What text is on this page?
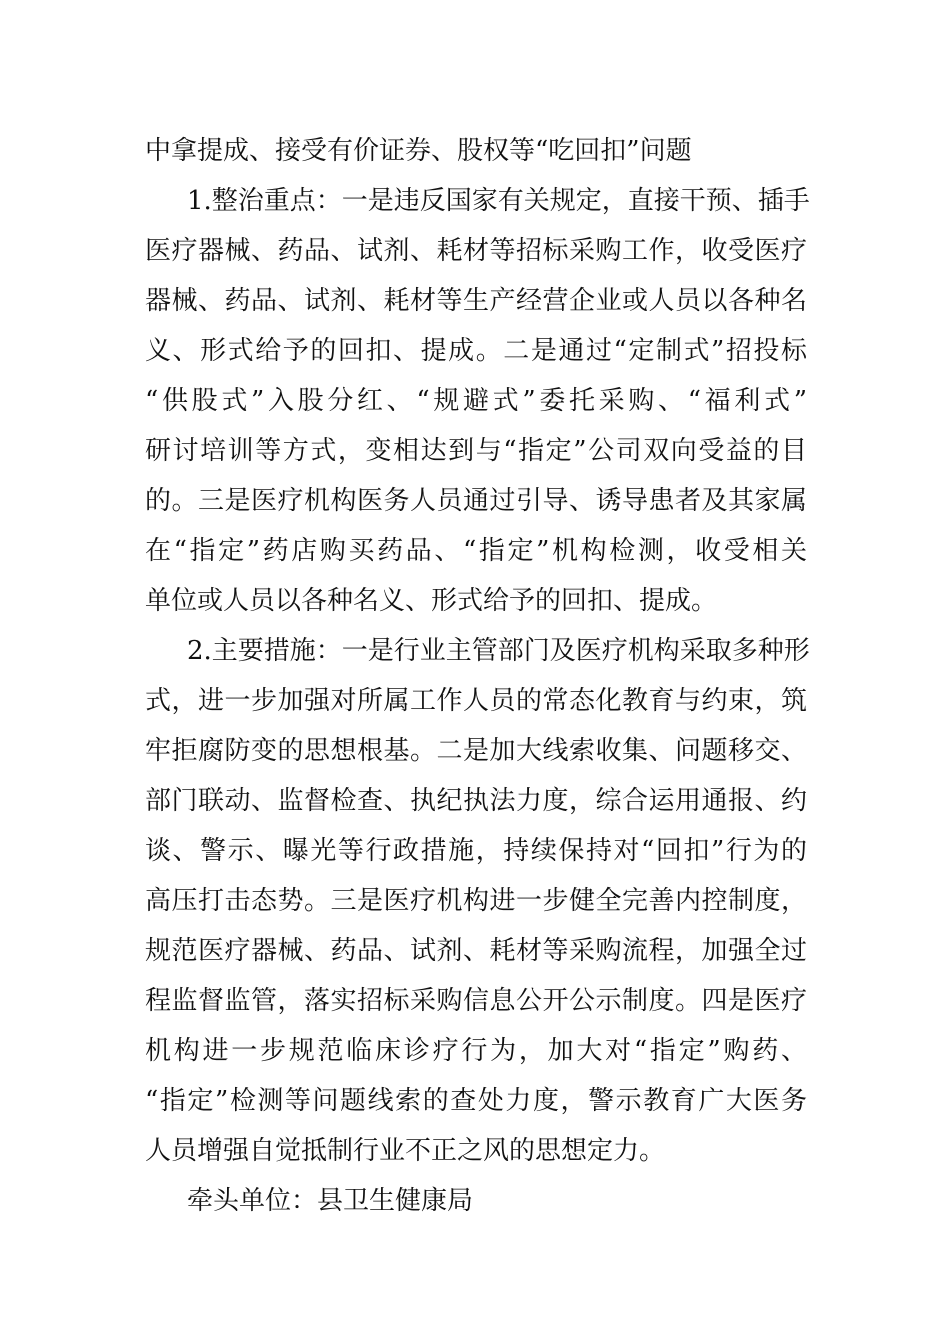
中拿提成、接受有价证券、股权等“吃回扣”问题
1.整治重点：一是违反国家有关规定，直接干预、插手
医疗器械、药品、试剂、耗材等招标采购工作，收受医疗
器械、药品、试剂、耗材等生产经营企业或人员以各种名
义、形式给予的回扣、提成。二是通过“定制式”招投标
“供股式”入股分红、“规避式”委托采购、“福利式”
研讨培训等方式，变相达到与“指定”公司双向受益的目
的。三是医疗机构医务人员通过引导、诱导患者及其家属
在“指定”药店购买药品、“指定”机构检测，收受相关
单位或人员以各种名义、形式给予的回扣、提成。
2.主要措施：一是行业主管部门及医疗机构采取多种形
式，进一步加强对所属工作人员的常态化教育与约束，筑
牢拒腐防变的思想根基。二是加大线索收集、问题移交、
部门联动、监督检查、执纪执法力度，综合运用通报、约
谈、警示、曝光等行政措施，持续保持对“回扣”行为的
高压打击态势。三是医疗机构进一步健全完善内控制度，
规范医疗器械、药品、试剂、耗材等采购流程，加强全过
程监督监管，落实招标采购信息公开公示制度。四是医疗
机构进一步规范临床诊疗行为，加大对“指定”购药、
“指定”检测等问题线索的查处力度，警示教育广大医务
人员增强自觉抵制行业不正之风的思想定力。
牵头单位：县卫生健康局
